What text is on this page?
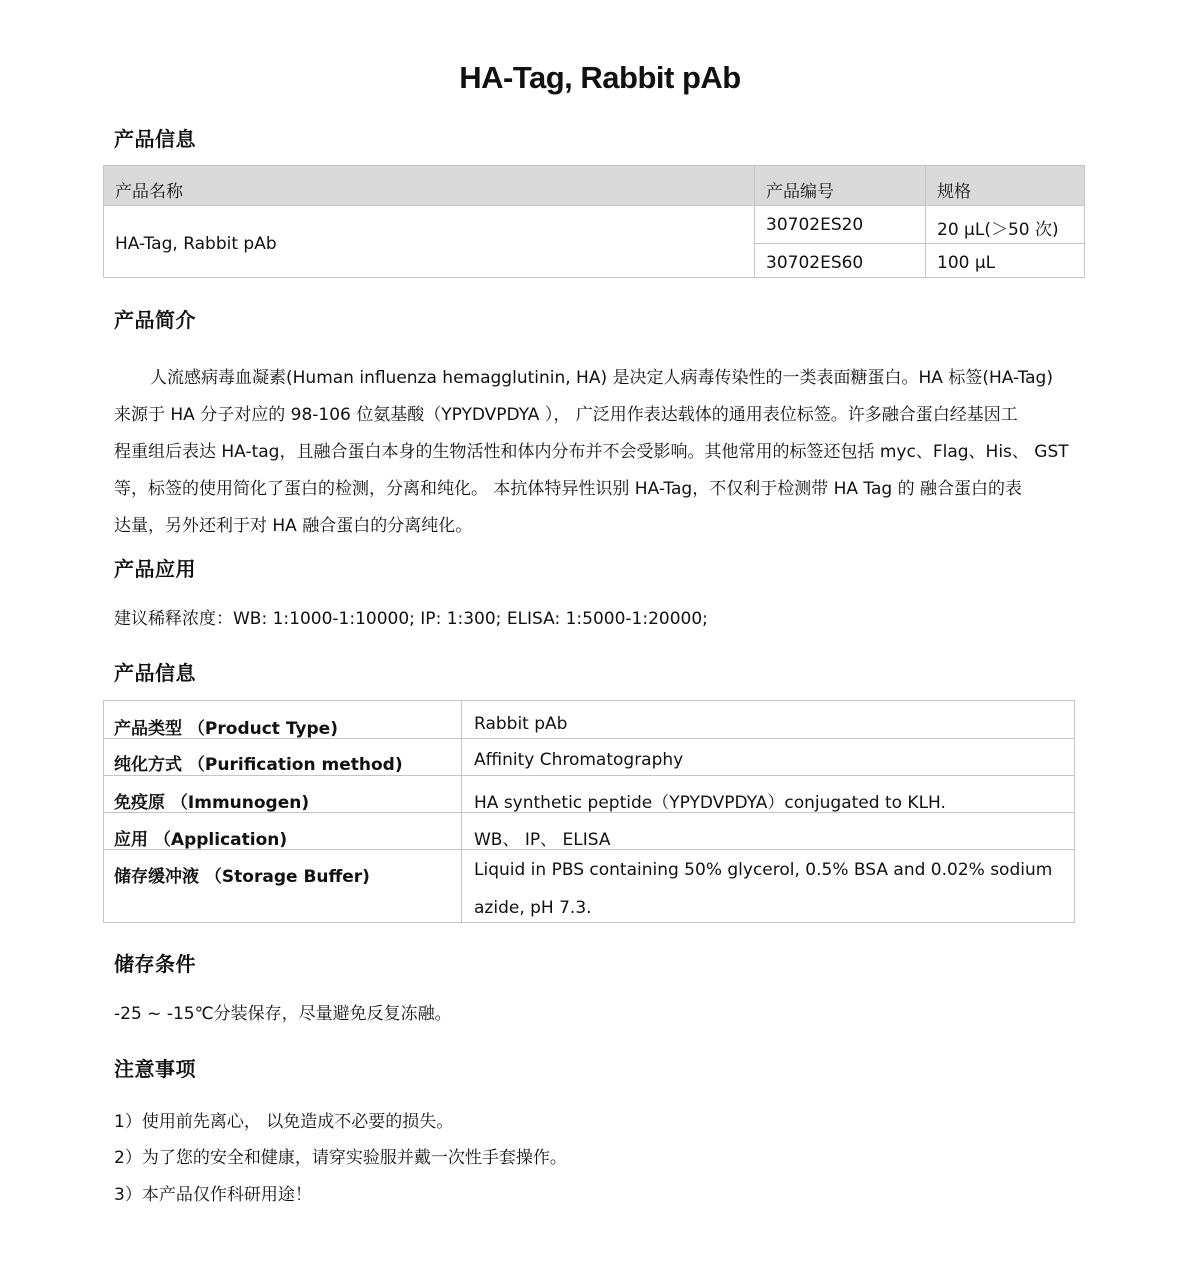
HA-Tag, Rabbit pAb
产品信息
产品名称	产品编号	规格
HA-Tag, Rabbit pAb
30702ES20	20 μL(＞50 次)
30702ES60	100 μL
产品简介
人流感病毒血凝素(Human influenza hemagglutinin, HA) 是决定人病毒传染性的一类表面糖蛋白。HA 标签(HA-Tag)
来源于 HA 分子对应的 98-106 位氨基酸（YPYDVPDYA ）， 广泛用作表达载体的通用表位标签。许多融合蛋白经基因工
程重组后表达 HA-tag，且融合蛋白本身的生物活性和体内分布并不会受影响。其他常用的标签还包括 myc、Flag、His、 GST
等，标签的使用简化了蛋白的检测，分离和纯化。 本抗体特异性识别 HA-Tag，不仅利于检测带 HA Tag 的 融合蛋白的表
达量，另外还利于对 HA 融合蛋白的分离纯化。
产品应用
建议稀释浓度：WB: 1:1000-1:10000; IP: 1:300; ELISA: 1:5000-1:20000;
产品信息
产品类型 （Product Type)	Rabbit pAb
纯化方式 （Purification method)	Affinity Chromatography
免疫原 （Immunogen)	HA synthetic peptide（YPYDVPDYA）conjugated to KLH.
应用 （Application)	WB、 IP、 ELISA
储存缓冲液 （Storage Buffer)	Liquid in PBS containing 50% glycerol, 0.5% BSA and 0.02% sodium
azide, pH 7.3.
储存条件
-25 ~ -15℃分装保存，尽量避免反复冻融。
注意事项
1）使用前先离心， 以免造成不必要的损失。
2）为了您的安全和健康，请穿实验服并戴一次性手套操作。
3）本产品仅作科研用途！
